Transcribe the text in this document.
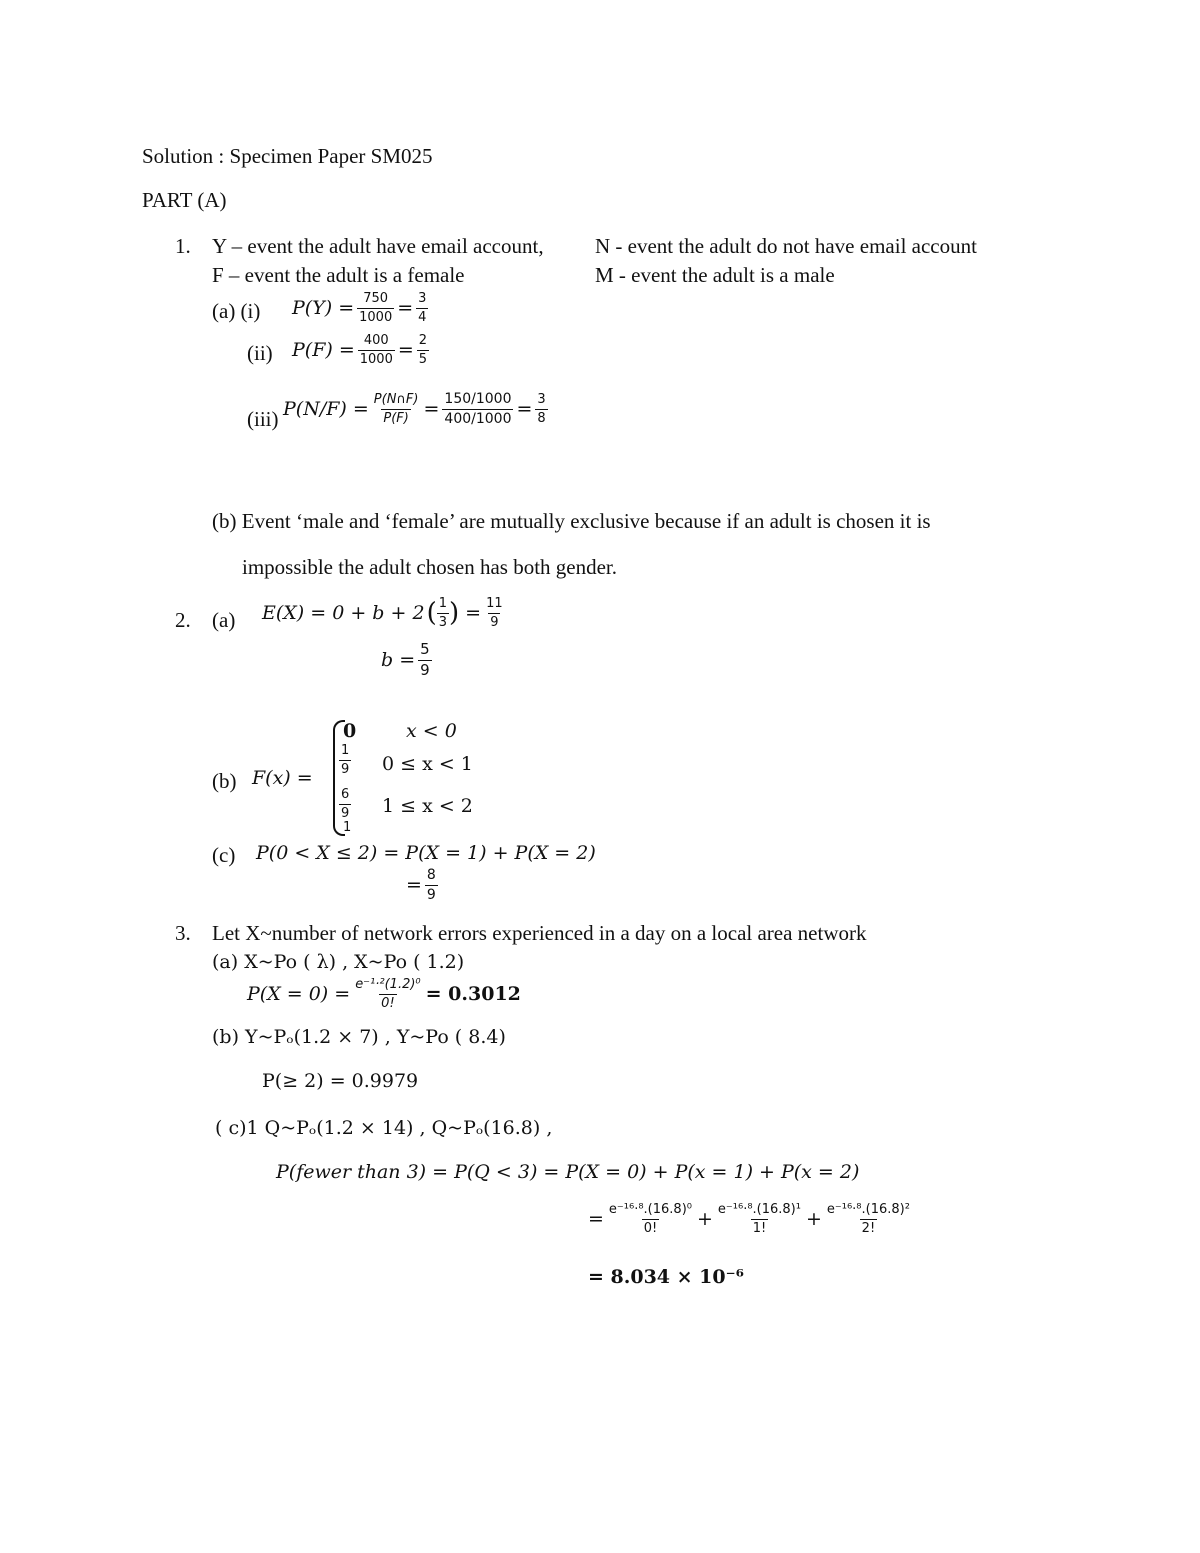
Solution : Specimen Paper SM025
PART (A)
1. Y – event the adult have email account, N - event the adult do not have email account
F – event the adult is a female	M - event the adult is a male
(a) (i) $P(Y) = \frac{750}{1000} = \frac{3}{4}$
(ii) $P(F) = \frac{400}{1000} = \frac{2}{5}$
(iii) $P(N/F) = \frac{P(N\cap F)}{P(F)} = \frac{150/1000}{400/1000} = \frac{3}{8}$
(b) Event ‘male and ‘female’ are mutually exclusive because if an adult is chosen it is
impossible the adult chosen has both gender.
2. (a) E(X) = 0 + b + 2 ( $\frac{1}{3}$ ) = $\frac{11}{9}$
$b = \frac{5}{9}$
(b) F(x) =
0	x < 0
$\frac{1}{9} 0 \le x < 1$
$\frac{6}{9} 1 \le x < 2$
1
(c) P(0 < X ≤ 2) = P(X = 1) + P(X = 2)
= $\frac{8}{9}$
3. Let X~number of network errors experienced in a day on a local area network
(a) X~Po ( λ) , X~Po ( 1.2)
$P(X = 0) = \frac{\text{e⁻¹·²(1.2)⁰}}{0!} = 0.3012$
(b) Y~Pₒ(1.2 × 7) , Y~Po ( 8.4)
P(≥ 2) = 0.9979
( c)1 Q~Pₒ(1.2 × 14) , Q~Pₒ(16.8) ,
P(fewer than 3) = P(Q < 3) = P(X = 0) + P(x = 1) + P(x = 2)
= $\frac{\text{e⁻¹⁶·⁸.(16.8)⁰}}{0!} + \frac{\text{e⁻¹⁶·⁸.(16.8)¹}}{1!} + \frac{\text{e⁻¹⁶·⁸.(16.8)²}}{2!}$
= 8.034 × 10⁻⁶
